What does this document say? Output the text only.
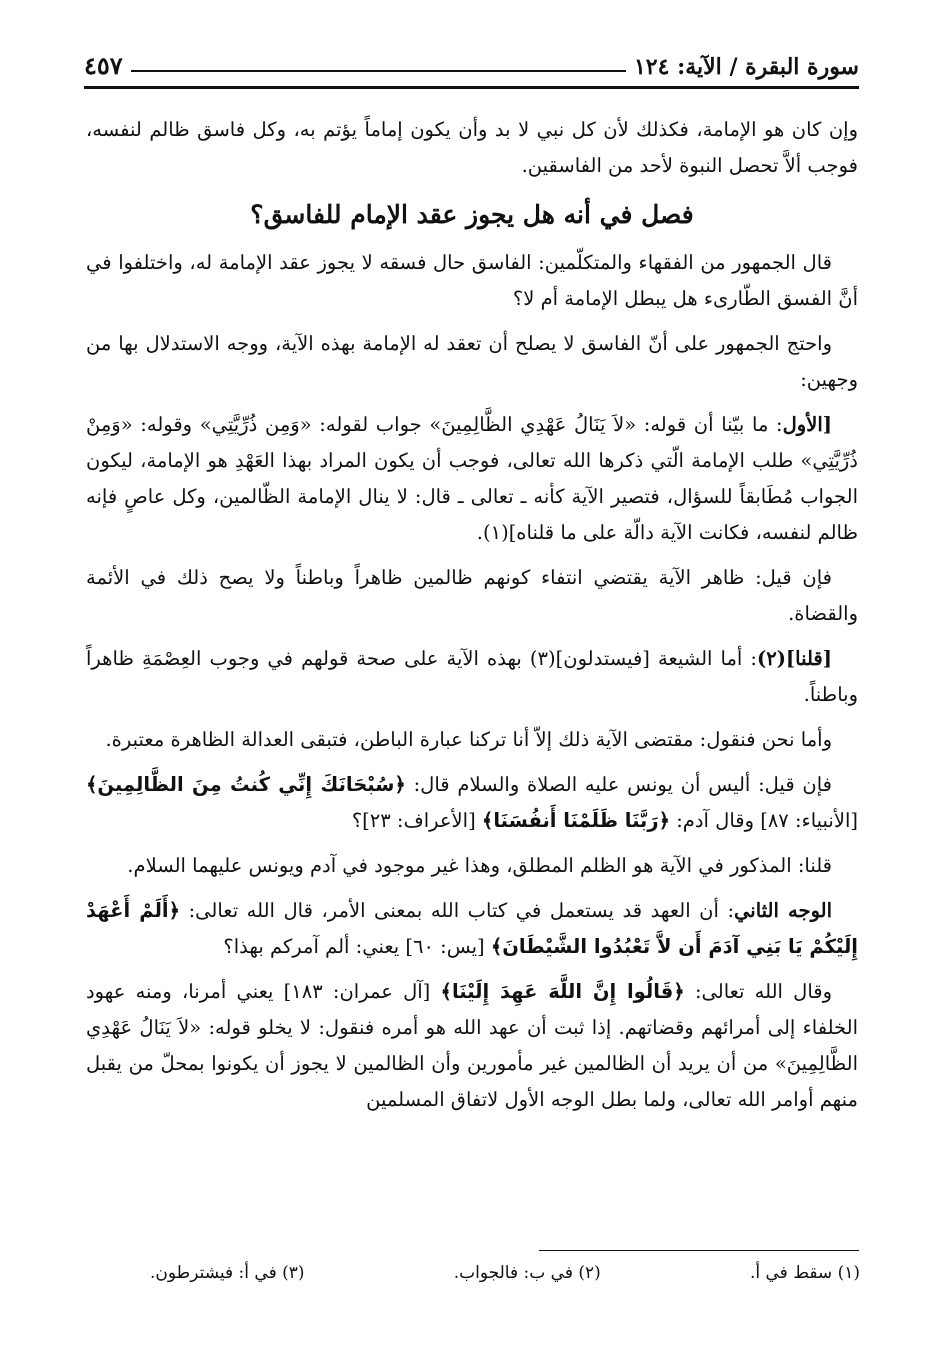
سورة البقرة / الآية: ١٢٤
٤٥٧

وإن كان هو الإمامة، فكذلك لأن كل نبي لا بد وأن يكون إماماً يؤتم به، وكل فاسق ظالم لنفسه، فوجب ألاَّ تحصل النبوة لأحد من الفاسقين.

فصل في أنه هل يجوز عقد الإمام للفاسق؟

قال الجمهور من الفقهاء والمتكلّمين: الفاسق حال فسقه لا يجوز عقد الإمامة له، واختلفوا في أنَّ الفسق الطّارىء هل يبطل الإمامة أم لا؟

واحتج الجمهور على أنّ الفاسق لا يصلح أن تعقد له الإمامة بهذه الآية، ووجه الاستدلال بها من وجهين:

[الأول: ما بيّنا أن قوله: «لاَ يَنَالُ عَهْدِي الظَّالِمِينَ» جواب لقوله: «وَمِن ذُرِّيَّتِي» وقوله: «وَمِنْ ذُرِّيَّتِي» طلب الإمامة الّتي ذكرها الله تعالى، فوجب أن يكون المراد بهذا العَهْدِ هو الإمامة، ليكون الجواب مُطَابقاً للسؤال، فتصير الآية كأنه ـ تعالى ـ قال: لا ينال الإمامة الظّالمين، وكل عاصٍ فإنه ظالم لنفسه، فكانت الآية دالّة على ما قلناه](١).

فإن قيل: ظاهر الآية يقتضي انتفاء كونهم ظالمين ظاهراً وباطناً ولا يصح ذلك في الأئمة والقضاة.

[قلنا](٢): أما الشيعة [فيستدلون](٣) بهذه الآية على صحة قولهم في وجوب العِصْمَةِ ظاهراً وباطناً.

وأما نحن فنقول: مقتضى الآية ذلك إلاّ أنا تركنا عبارة الباطن، فتبقى العدالة الظاهرة معتبرة.

فإن قيل: أليس أن يونس عليه الصلاة والسلام قال: ﴿سُبْحَانَكَ إِنِّي كُنتُ مِنَ الظَّالِمِينَ﴾ [الأنبياء: ٨٧] وقال آدم: ﴿رَبَّنَا ظَلَمْنَا أَنفُسَنَا﴾ [الأعراف: ٢٣]؟

قلنا: المذكور في الآية هو الظلم المطلق، وهذا غير موجود في آدم ويونس عليهما السلام.

الوجه الثاني: أن العهد قد يستعمل في كتاب الله بمعنى الأمر، قال الله تعالى: ﴿أَلَمْ أَعْهَدْ إِلَيْكُمْ يَا بَنِي آدَمَ أَن لاَّ تَعْبُدُوا الشَّيْطَانَ﴾ [يس: ٦٠] يعني: ألم آمركم بهذا؟

وقال الله تعالى: ﴿قَالُوا إِنَّ اللَّهَ عَهِدَ إِلَيْنَا﴾ [آل عمران: ١٨٣] يعني أمرنا، ومنه عهود الخلفاء إلى أمرائهم وقضاتهم. إذا ثبت أن عهد الله هو أمره فنقول: لا يخلو قوله: «لاَ يَنَالُ عَهْدِي الظَّالِمِينَ» من أن يريد أن الظالمين غير مأمورين وأن الظالمين لا يجوز أن يكونوا بمحلّ من يقبل منهم أوامر الله تعالى، ولما بطل الوجه الأول لاتفاق المسلمين

(١) سقط في أ.
(٢) في ب: فالجواب.
(٣) في أ: فيشترطون.
